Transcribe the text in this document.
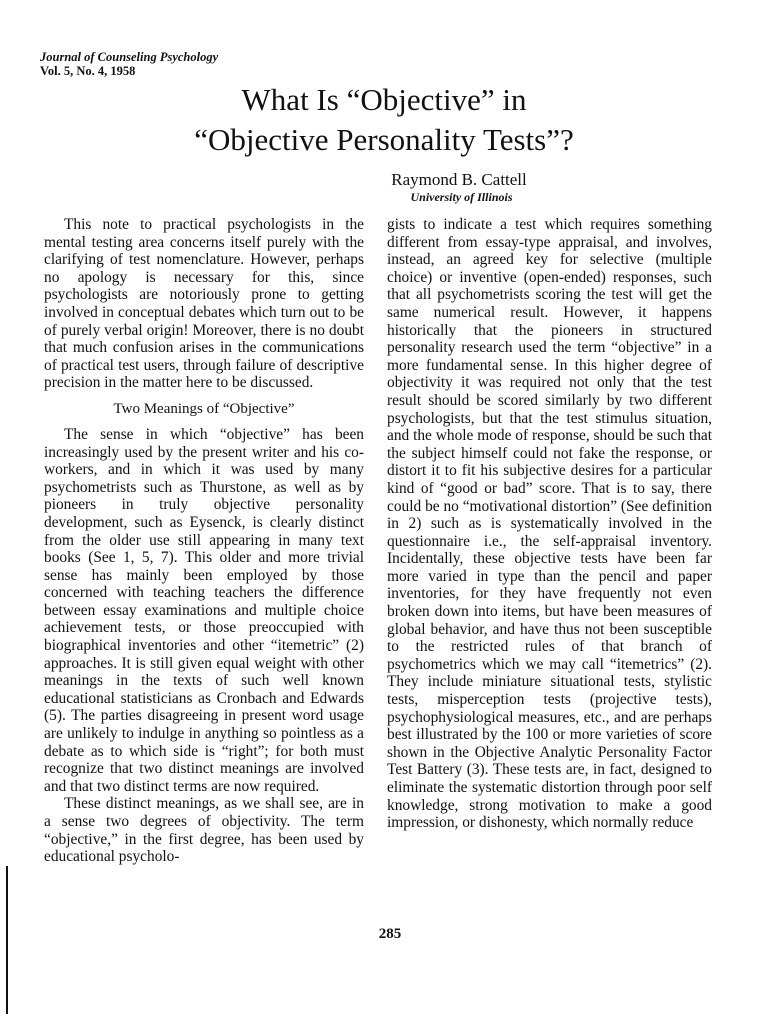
Journal of Counseling Psychology
Vol. 5, No. 4, 1958
What Is “Objective” in
“Objective Personality Tests”?
Raymond B. Cattell
University of Illinois

This note to practical psychologists in the mental testing area concerns itself purely with the clarifying of test nomenclature. However, perhaps no apology is necessary for this, since psychologists are notoriously prone to getting involved in conceptual debates which turn out to be of purely verbal origin! Moreover, there is no doubt that much confusion arises in the communications of practical test users, through failure of descriptive precision in the matter here to be discussed.

Two Meanings of “Objective”

The sense in which “objective” has been increasingly used by the present writer and his co-workers, and in which it was used by many psychometrists such as Thurstone, as well as by pioneers in truly objective personality development, such as Eysenck, is clearly distinct from the older use still appearing in many text books (See 1, 5, 7). This older and more trivial sense has mainly been employed by those concerned with teaching teachers the difference between essay examinations and multiple choice achievement tests, or those preoccupied with biographical inventories and other “itemetric” (2) approaches. It is still given equal weight with other meanings in the texts of such well known educational statisticians as Cronbach and Edwards (5). The parties disagreeing in present word usage are unlikely to indulge in anything so pointless as a debate as to which side is “right”; for both must recognize that two distinct meanings are involved and that two distinct terms are now required.

These distinct meanings, as we shall see, are in a sense two degrees of objectivity. The term “objective,” in the first degree, has been used by educational psycholo-

gists to indicate a test which requires something different from essay-type appraisal, and involves, instead, an agreed key for selective (multiple choice) or inventive (open-ended) responses, such that all psychometrists scoring the test will get the same numerical result. However, it happens historically that the pioneers in structured personality research used the term “objective” in a more fundamental sense. In this higher degree of objectivity it was required not only that the test result should be scored similarly by two different psychologists, but that the test stimulus situation, and the whole mode of response, should be such that the subject himself could not fake the response, or distort it to fit his subjective desires for a particular kind of “good or bad” score. That is to say, there could be no “motivational distortion” (See definition in 2) such as is systematically involved in the questionnaire i.e., the self-appraisal inventory. Incidentally, these objective tests have been far more varied in type than the pencil and paper inventories, for they have frequently not even broken down into items, but have been measures of global behavior, and have thus not been susceptible to the restricted rules of that branch of psychometrics which we may call “itemetrics” (2). They include miniature situational tests, stylistic tests, misperception tests (projective tests), psychophysiological measures, etc., and are perhaps best illustrated by the 100 or more varieties of score shown in the Objective Analytic Personality Factor Test Battery (3). These tests are, in fact, designed to eliminate the systematic distortion through poor self knowledge, strong motivation to make a good impression, or dishonesty, which normally reduce

285
